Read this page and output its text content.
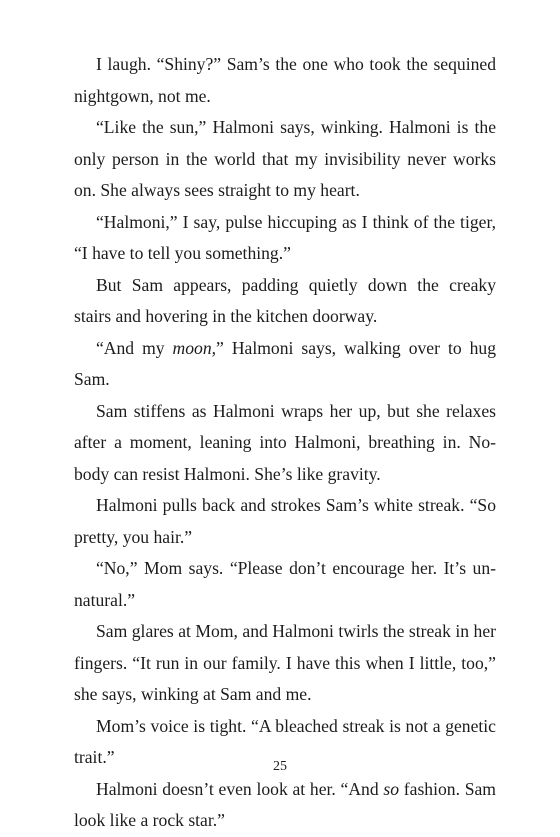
I laugh. “Shiny?” Sam’s the one who took the sequined nightgown, not me.

“Like the sun,” Halmoni says, winking. Halmoni is the only person in the world that my invisibility never works on. She always sees straight to my heart.

“Halmoni,” I say, pulse hiccuping as I think of the tiger, “I have to tell you something.”

But Sam appears, padding quietly down the creaky stairs and hovering in the kitchen doorway.

“And my moon,” Halmoni says, walking over to hug Sam.

Sam stiffens as Halmoni wraps her up, but she relaxes after a moment, leaning into Halmoni, breathing in. Nobody can resist Halmoni. She’s like gravity.

Halmoni pulls back and strokes Sam’s white streak. “So pretty, you hair.”

“No,” Mom says. “Please don’t encourage her. It’s unnatural.”

Sam glares at Mom, and Halmoni twirls the streak in her fingers. “It run in our family. I have this when I little, too,” she says, winking at Sam and me.

Mom’s voice is tight. “A bleached streak is not a genetic trait.”

Halmoni doesn’t even look at her. “And so fashion. Sam look like a rock star.”

25
